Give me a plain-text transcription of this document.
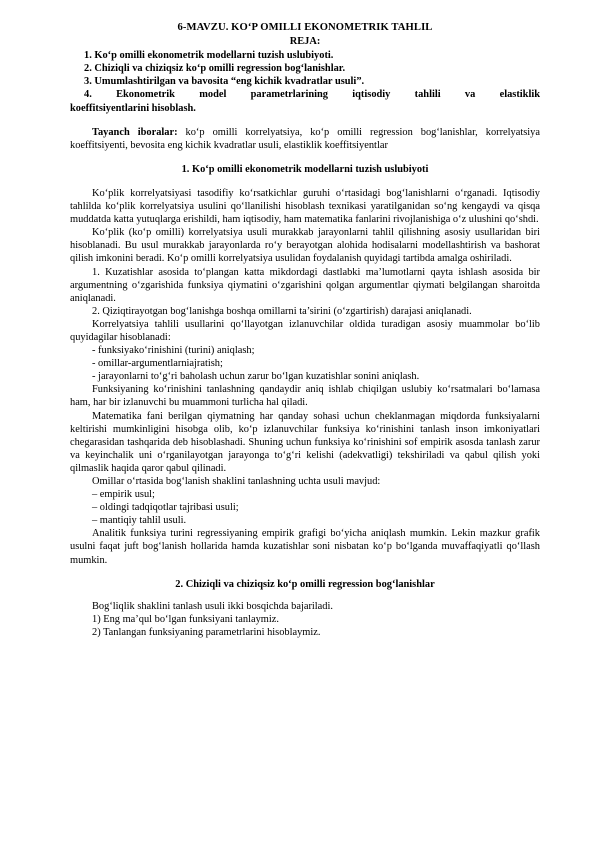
6-MAVZU. KO‘P OMILLI EKONOMETRIK TAHLIL

REJA:

1. Ko‘p omilli ekonometrik modellarni tuzish uslubiyoti.

2. Chiziqli va chiziqsiz ko‘p omilli regression bog‘lanishlar.

3. Umumlashtirilgan va bavosita “eng kichik kvadratlar usuli”.

4. Ekonometrik model parametrlarining iqtisodiy tahlili va elastiklik

koeffitsiyentlarini hisoblash.

Tayanch iboralar: ko‘p omilli korrelyatsiya, ko‘p omilli regression bog‘lanishlar, korrelyatsiya koeffitsiyenti, bevosita eng kichik kvadratlar usuli, elastiklik koeffitsiyentlar

1. Ko‘p omilli ekonometrik modellarni tuzish uslubiyoti

Ko‘plik korrelyatsiyasi tasodifiy ko‘rsatkichlar guruhi o‘rtasidagi bog‘lanishlarni o‘rganadi. Iqtisodiy tahlilda ko‘plik korrelyatsiya usulini qo‘llanilishi hisoblash texnikasi yaratilganidan so‘ng kengaydi va qisqa muddatda katta yutuqlarga erishildi, ham iqtisodiy, ham matematika fanlarini rivojlanishiga o‘z ulushini qo‘shdi.

Ko‘plik (ko‘p omilli) korrelyatsiya usuli murakkab jarayonlarni tahlil qilishning asosiy usullaridan biri hisoblanadi. Bu usul murakkab jarayonlarda ro‘y berayotgan alohida hodisalarni modellashtirish va bashorat qilish imkonini beradi. Ko‘p omilli korrelyatsiya usulidan foydalanish quyidagi tartibda amalga oshiriladi.

1. Kuzatishlar asosida to‘plangan katta mikdordagi dastlabki ma’lumotlarni qayta ishlash asosida bir argumentning o‘zgarishida funksiya qiymatini o‘zgarishini qolgan argumentlar qiymati belgilangan sharoitda aniqlanadi.

2. Qiziqtirayotgan bog‘lanishga boshqa omillarni ta’sirini (o‘zgartirish) darajasi aniqlanadi.

Korrelyatsiya tahlili usullarini qo‘llayotgan izlanuvchilar oldida turadigan asosiy muammolar bo‘lib quyidagilar hisoblanadi:

- funksiyako‘rinishini (turini) aniqlash;

- omillar-argumentlarniajratish;

- jarayonlarni to‘g‘ri baholash uchun zarur bo‘lgan kuzatishlar sonini aniqlash.

Funksiyaning ko‘rinishini tanlashning qandaydir aniq ishlab chiqilgan uslubiy ko‘rsatmalari bo‘lamasa ham, har bir izlanuvchi bu muammoni turlicha hal qiladi.

Matematika fani berilgan qiymatning har qanday sohasi uchun cheklanmagan miqdorda funksiyalarni keltirishi mumkinligini hisobga olib, ko‘p izlanuvchilar funksiya ko‘rinishini tanlash inson imkoniyatlari chegarasidan tashqarida deb hisoblashadi. Shuning uchun funksiya ko‘rinishini sof empirik asosda tanlash zarur va keyinchalik uni o‘rganilayotgan jarayonga to‘g‘ri kelishi (adekvatligi) tekshiriladi va qabul qilish yoki qilmaslik haqida qaror qabul qilinadi.

Omillar o‘rtasida bog‘lanish shaklini tanlashning uchta usuli mavjud:

– empirik usul;

– oldingi tadqiqotlar tajribasi usuli;

– mantiqiy tahlil usuli.

Analitik funksiya turini regressiyaning empirik grafigi bo‘yicha aniqlash mumkin. Lekin mazkur grafik usulni faqat juft bog‘lanish hollarida hamda kuzatishlar soni nisbatan ko‘p bo‘lganda muvaffaqiyatli qo‘llash mumkin.

2. Chiziqli va chiziqsiz ko‘p omilli regression bog‘lanishlar

Bog‘liqlik shaklini tanlash usuli ikki bosqichda bajariladi.

1) Eng ma’qul bo‘lgan funksiyani tanlaymiz.

2) Tanlangan funksiyaning parametrlarini hisoblaymiz.
